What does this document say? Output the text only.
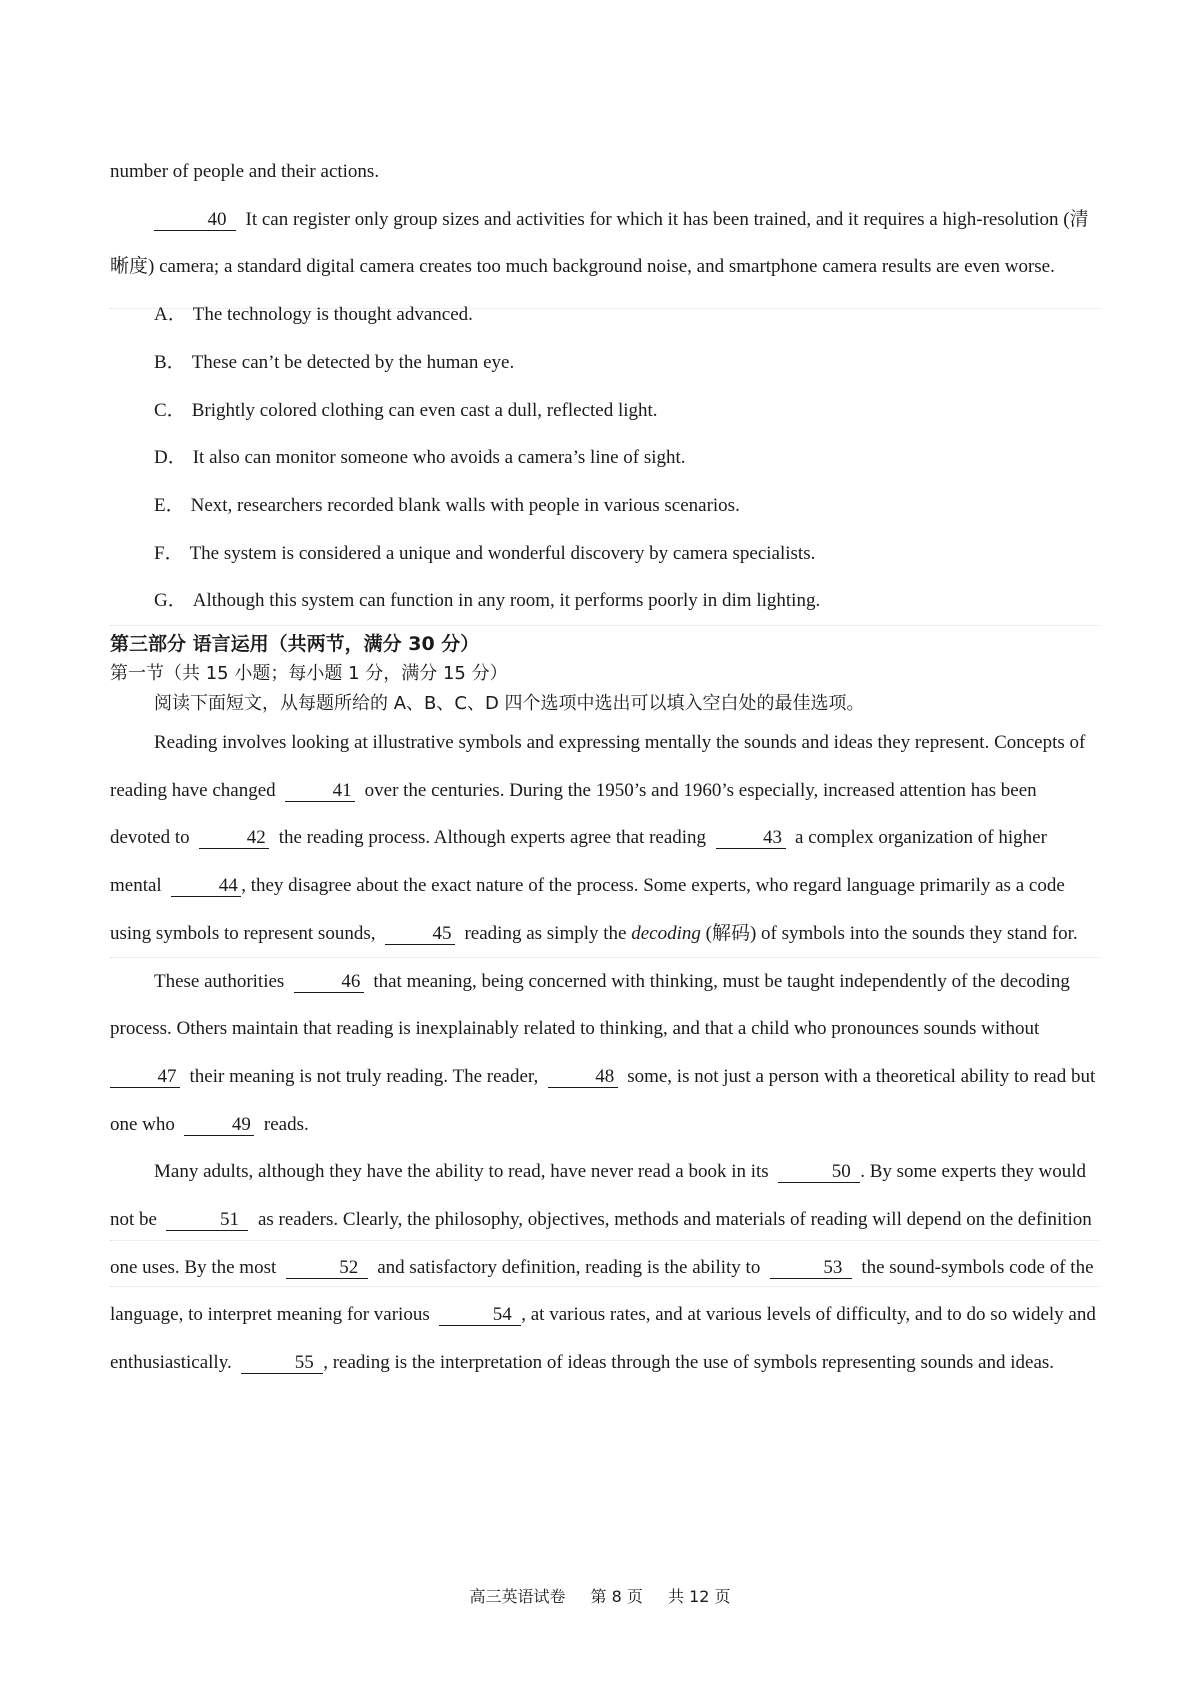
number of people and their actions.

40 It can register only group sizes and activities for which it has been trained, and it requires a high-resolution (清晰度) camera; a standard digital camera creates too much background noise, and smartphone camera results are even worse.

A． The technology is thought advanced.

B． These can’t be detected by the human eye.

C． Brightly colored clothing can even cast a dull, reflected light.

D． It also can monitor someone who avoids a camera’s line of sight.

E． Next, researchers recorded blank walls with people in various scenarios.

F． The system is considered a unique and wonderful discovery by camera specialists.

G． Although this system can function in any room, it performs poorly in dim lighting.

第三部分 语言运用（共两节，满分 30 分）

第一节（共 15 小题；每小题 1 分，满分 15 分）

阅读下面短文，从每题所给的 A、B、C、D 四个选项中选出可以填入空白处的最佳选项。

Reading involves looking at illustrative symbols and expressing mentally the sounds and ideas they represent. Concepts of reading have changed	41 over the centuries. During the 1950’s and 1960’s especially, increased attention has been devoted to	42 the reading process. Although experts agree that reading	43 a complex organization of higher mental	44 , they disagree about the exact nature of the process. Some experts, who regard language primarily as a code using symbols to represent sounds,	45 reading as simply the decoding (解码) of symbols into the sounds they stand for.

These authorities	46 that meaning, being concerned with thinking, must be taught independently of the decoding process. Others maintain that reading is inexplainably related to thinking, and that a child who pronounces sounds without  47 their meaning is not truly reading. The reader,	48 some, is not just a person with a theoretical ability to read but one who	49 reads.

Many adults, although they have the ability to read, have never read a book in its	50 . By some experts they would not be	51 as readers. Clearly, the philosophy, objectives, methods and materials of reading will depend on the definition one uses. By the most	52 and satisfactory definition, reading is the ability to	53 the sound-symbols code of the language, to interpret meaning for various	54 , at various rates, and at various levels of difficulty, and to do so widely and enthusiastically.	55 , reading is the interpretation of ideas through the use of symbols representing sounds and ideas.

高三英语试卷 第 8 页 共 12 页
